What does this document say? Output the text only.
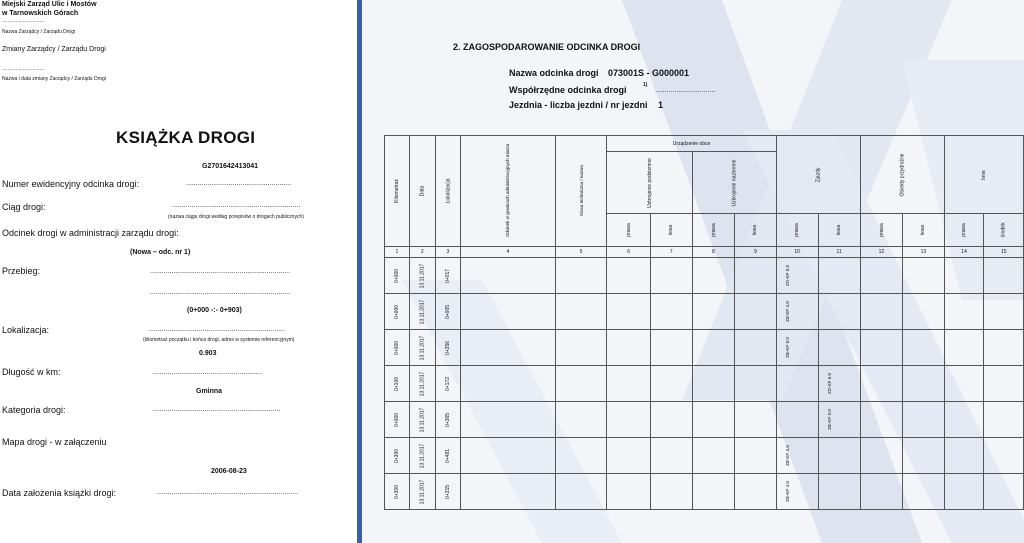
Miejski Zarząd Ulic i Mostów
w Tarnowskich Górach
...............................
Nazwa Zarządcy / Zarządu Drogi
Zmiany Zarządcy / Zarządu Drogi
...............................
Nazwa i data zmiany Zarządcy / Zarządu Drogi
KSIĄŻKA DROGI
G2701642413041
Numer ewidencyjny odcinka drogi:	......................................................
Ciąg drogi:	..................................................................
(nazwa ciągu drogi według przepisów o drogach publicznych)
Odcinek drogi w administracji zarządu drogi:
(Nowa – odc. nr 1)
Przebieg:	........................................................................
........................................................................
(0+000 -:- 0+903)
Lokalizacja:	......................................................................
(kilometraż początku i końca drogi, adres w systemie referencyjnym)
0.903
Długość w km:	.........................................................
Gminna
Kategoria drogi:	..................................................................
Mapa drogi - w załączeniu
2006-08-23
Data założenia książki drogi:	.........................................................................
2. ZAGOSPODAROWANIE ODCINKA DROGI
Nazwa odcinka drogi 073001S - G000001
Współrzędne odcinka drogi	1)
...............................
Jezdnia - liczba jezdni / nr jezdni 1
Kilometraż	Data	Lokalizacja	Odcinek w granicach administracyjnych miasta	Klasa techniczna / nazwa	Urządzenie obce				Zjazdy		Obiekty przydrożne		Inne	
					Uzbrojenie podziemne		Uzbrojenie naziemne							
					prawa	lewa	prawa	lewa	prawa	lewa	prawa	lewa	prawa	środek
1	2	3	4	5	6	7	8	9	10	11	12	13	14	15
0+000	13.11.2017	0+017							ZD-KP 6.0					
0+000	13.11.2017	0+005							ZB-KP 4.0					
0+000	13.11.2017	0+256							ZB-KP 6.0					
0+100	13.11.2017	0+172								ZD-KP 6.0				
0+000	13.11.2017	0+365								ZB-KP 5.0				
0+300	13.11.2017	0+481							ZB-KP 4.0					
0+300	13.11.2017	0+315							ZB-KP 4.0					
